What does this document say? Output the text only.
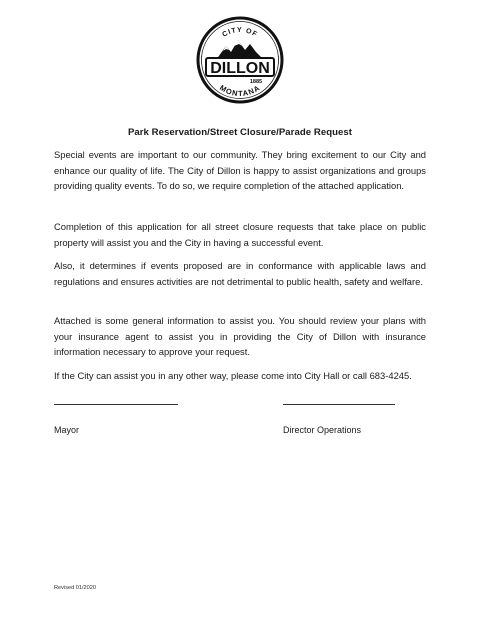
CITY OF
DILLON
1885
MONTANA
Park Reservation/Street Closure/Parade Request

Special events are important to our community. They bring excitement to our City and enhance our quality of life. The City of Dillon is happy to assist organizations and groups providing quality events. To do so, we require completion of the attached application.

Completion of this application for all street closure requests that take place on public property will assist you and the City in having a successful event.

Also, it determines if events proposed are in conformance with applicable laws and regulations and ensures activities are not detrimental to public health, safety and welfare.

Attached is some general information to assist you. You should review your plans with your insurance agent to assist you in providing the City of Dillon with insurance information necessary to approve your request.

If the City can assist you in any other way, please come into City Hall or call 683-4245.

Mayor	Director Operations
Revised 01/2020
